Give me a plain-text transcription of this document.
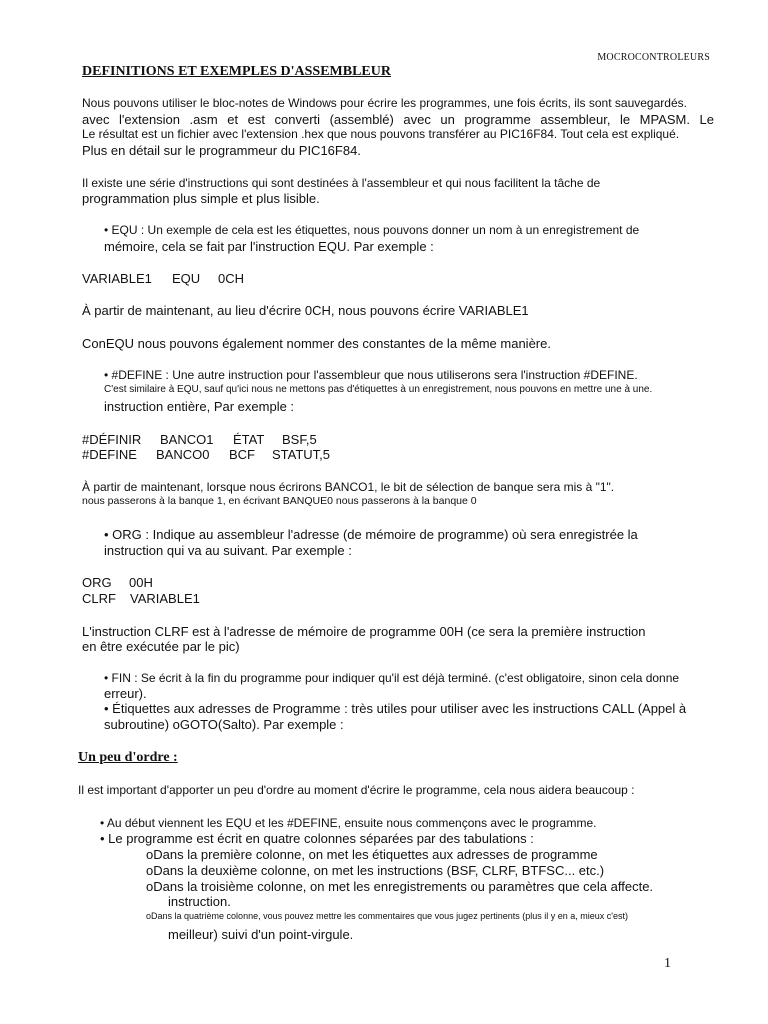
MOCROCONTROLEURS
DEFINITIONS ET EXEMPLES D'ASSEMBLEUR
Nous pouvons utiliser le bloc-notes de Windows pour écrire les programmes, une fois écrits, ils sont sauvegardés.
avec l'extension .asm et est converti (assemblé) avec un programme assembleur, le MPASM. Le
Le résultat est un fichier avec l'extension .hex que nous pouvons transférer au PIC16F84. Tout cela est expliqué.
Plus en détail sur le programmeur du PIC16F84.
Il existe une série d'instructions qui sont destinées à l'assembleur et qui nous facilitent la tâche de
programmation plus simple et plus lisible.
• EQU : Un exemple de cela est les étiquettes, nous pouvons donner un nom à un enregistrement de
mémoire, cela se fait par l'instruction EQU. Par exemple :
VARIABLE1 EQU 0CH
À partir de maintenant, au lieu d'écrire 0CH, nous pouvons écrire VARIABLE1
ConEQU nous pouvons également nommer des constantes de la même manière.
• #DEFINE : Une autre instruction pour l'assembleur que nous utiliserons sera l'instruction #DEFINE.
C'est similaire à EQU, sauf qu'ici nous ne mettons pas d'étiquettes à un enregistrement, nous pouvons en mettre une à une.
instruction entière, Par exemple :
#DÉFINIR BANCO1 ÉTAT BSF,5
#DEFINE BANCO0 BCF STATUT,5
À partir de maintenant, lorsque nous écrirons BANCO1, le bit de sélection de banque sera mis à "1".
nous passerons à la banque 1, en écrivant BANQUE0 nous passerons à la banque 0
• ORG : Indique au assembleur l'adresse (de mémoire de programme) où sera enregistrée la
instruction qui va au suivant. Par exemple :
ORG 00H
CLRF VARIABLE1
L'instruction CLRF est à l'adresse de mémoire de programme 00H (ce sera la première instruction
en être exécutée par le pic)
• FIN : Se écrit à la fin du programme pour indiquer qu'il est déjà terminé. (c'est obligatoire, sinon cela donne
erreur).
• Étiquettes aux adresses de Programme : très utiles pour utiliser avec les instructions CALL (Appel à
subroutine) oGOTO(Salto). Par exemple :
Un peu d'ordre :
Il est important d'apporter un peu d'ordre au moment d'écrire le programme, cela nous aidera beaucoup :
• Au début viennent les EQU et les #DEFINE, ensuite nous commençons avec le programme.
• Le programme est écrit en quatre colonnes séparées par des tabulations :
oDans la première colonne, on met les étiquettes aux adresses de programme
oDans la deuxième colonne, on met les instructions (BSF, CLRF, BTFSC... etc.)
oDans la troisième colonne, on met les enregistrements ou paramètres que cela affecte.
instruction.
oDans la quatrième colonne, vous pouvez mettre les commentaires que vous jugez pertinents (plus il y en a, mieux c'est)
meilleur) suivi d'un point-virgule.
1
